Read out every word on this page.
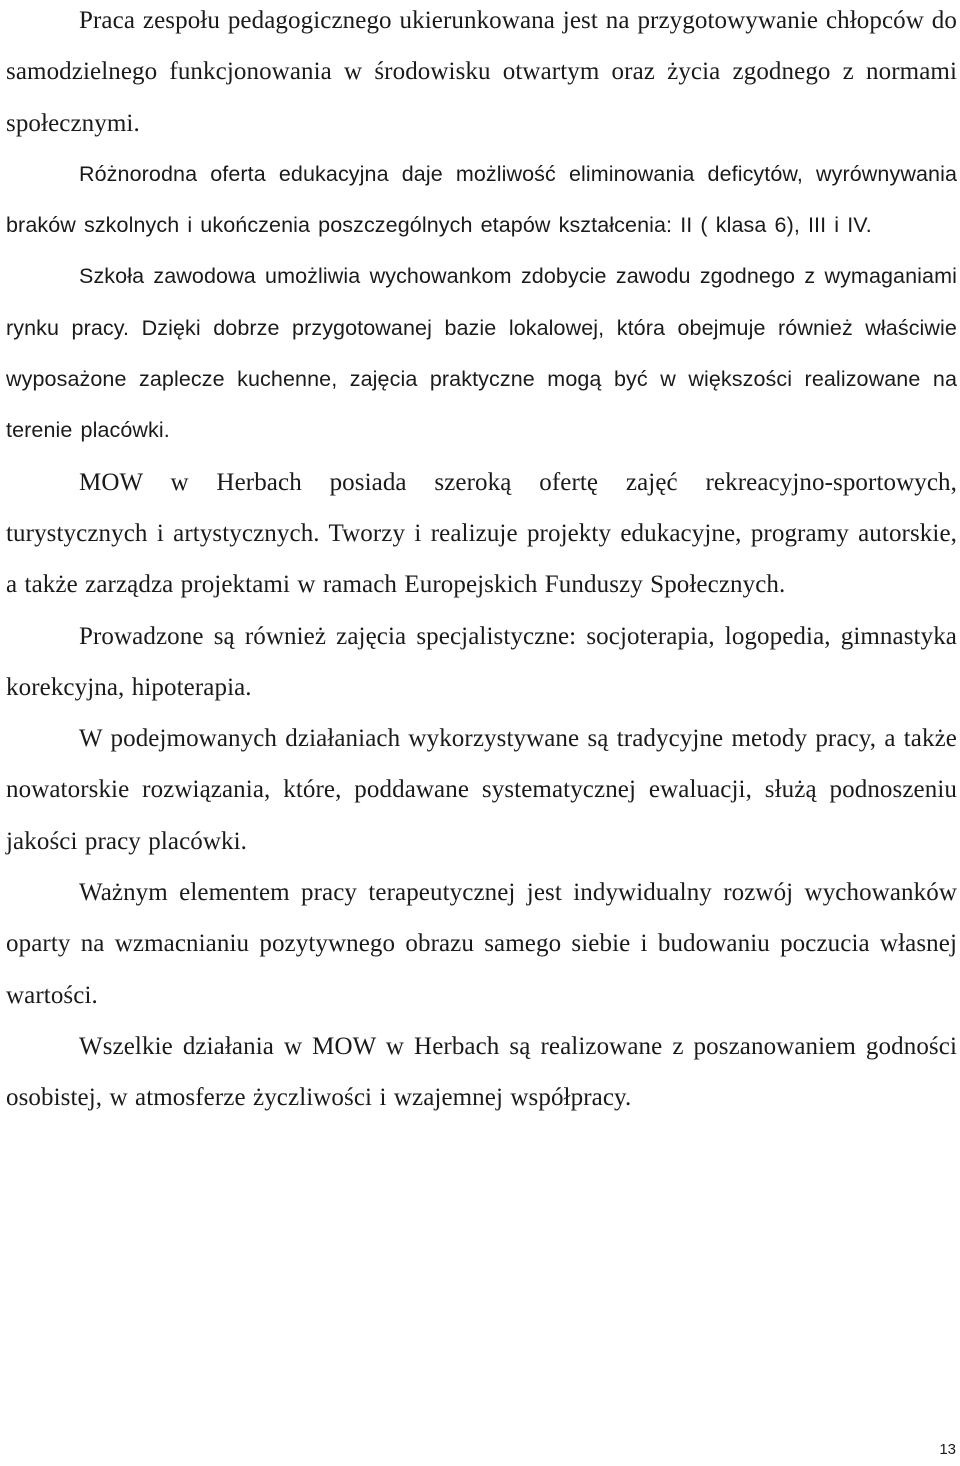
Praca zespołu pedagogicznego ukierunkowana jest na przygotowywanie chłopców do samodzielnego funkcjonowania w środowisku otwartym oraz życia zgodnego z normami społecznymi.

Różnorodna oferta edukacyjna daje możliwość eliminowania deficytów, wyrównywania braków szkolnych i ukończenia poszczególnych etapów kształcenia: II ( klasa 6), III i IV.

Szkoła zawodowa umożliwia wychowankom zdobycie zawodu zgodnego z wymaganiami rynku pracy. Dzięki dobrze przygotowanej bazie lokalowej, która obejmuje również właściwie wyposażone zaplecze kuchenne, zajęcia praktyczne mogą być w większości realizowane na terenie placówki.

MOW w Herbach posiada szeroką ofertę zajęć rekreacyjno-sportowych, turystycznych i artystycznych. Tworzy i realizuje projekty edukacyjne, programy autorskie, a także zarządza projektami w ramach Europejskich Funduszy Społecznych.

Prowadzone są również zajęcia specjalistyczne: socjoterapia, logopedia, gimnastyka korekcyjna, hipoterapia.

W podejmowanych działaniach wykorzystywane są tradycyjne metody pracy, a także nowatorskie rozwiązania, które, poddawane systematycznej ewaluacji, służą podnoszeniu jakości pracy placówki.

Ważnym elementem pracy terapeutycznej jest indywidualny rozwój wychowanków oparty na wzmacnianiu pozytywnego obrazu samego siebie i budowaniu poczucia własnej wartości.

Wszelkie działania w MOW w Herbach są realizowane z poszanowaniem godności osobistej, w atmosferze życzliwości i wzajemnej współpracy.

13
